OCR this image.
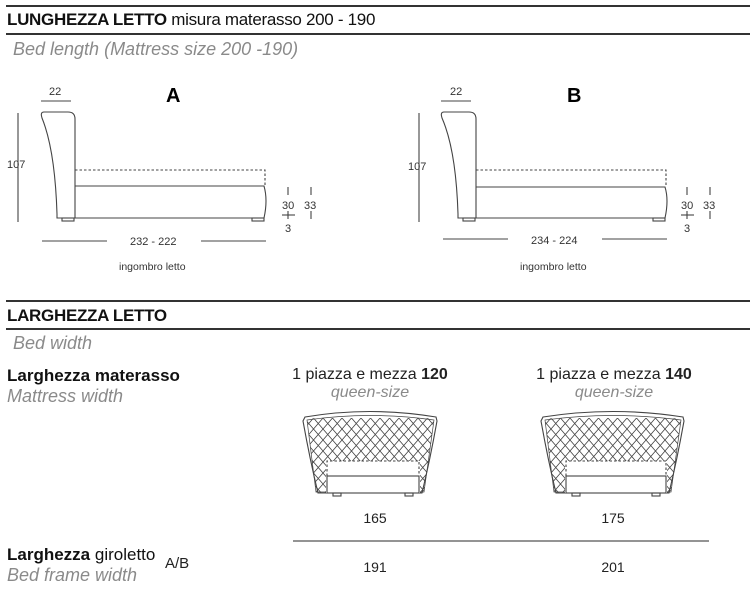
LUNGHEZZA LETTO misura materasso 200 - 190
Bed length (Mattress size 200 -190)
22	A
107
30 33
3
232 - 222
ingombro letto
22	B
107
30 33
3
234 - 224
ingombro letto
LARGHEZZA LETTO
Bed width
Larghezza materasso
Mattress width
1 piazza e mezza 120
queen-size
1 piazza e mezza 140
queen-size
165	175
Larghezza giroletto
Bed frame width
A/B	191	201
